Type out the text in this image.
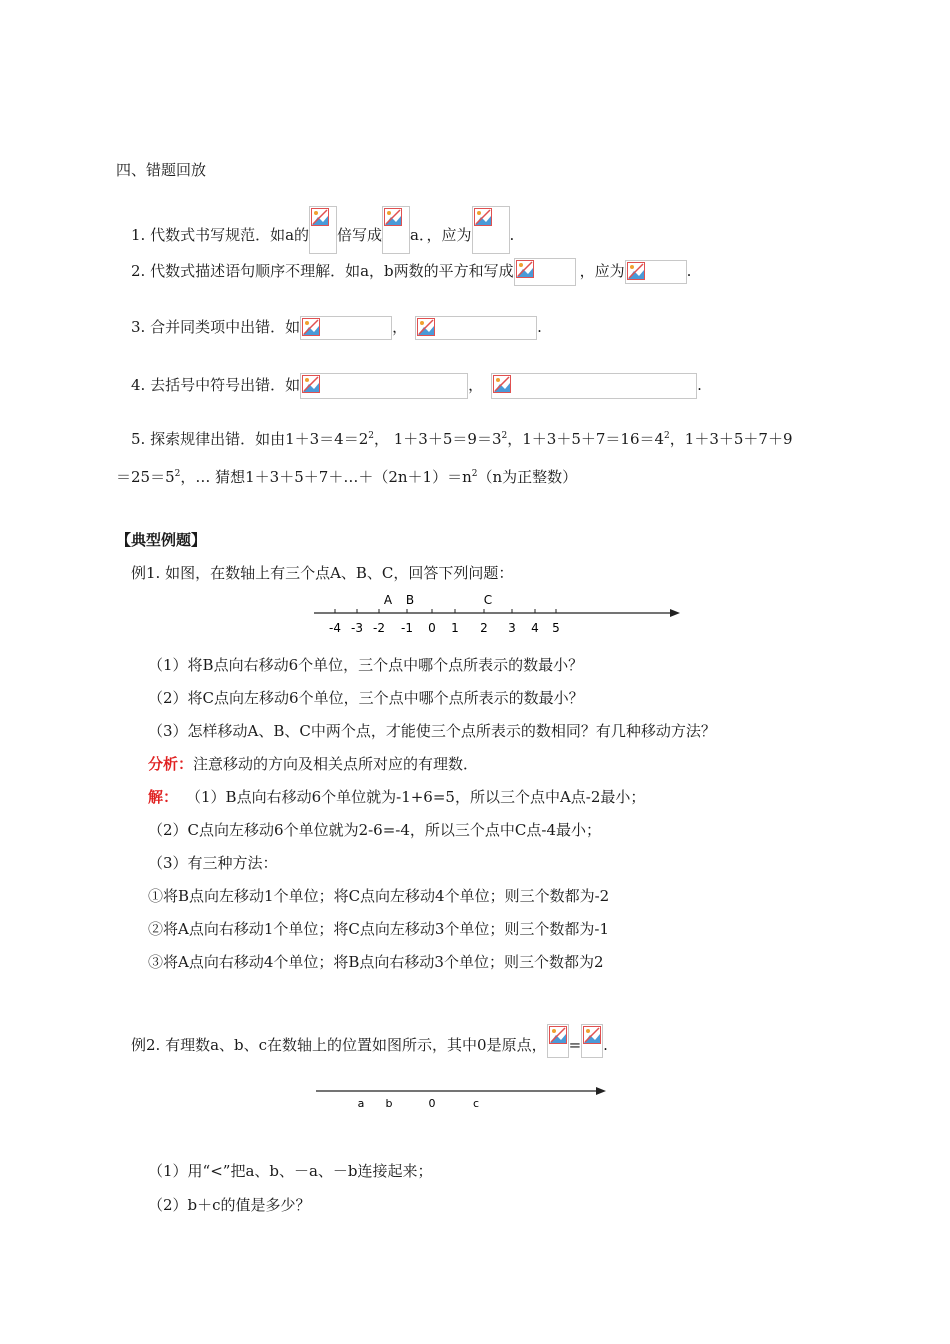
四、错题回放
1. 代数式书写规范．如a的 倍写成 a．，应为	.
2. 代数式描述语句顺序不理解．如a，b两数的平方和写成	，应为	.
3. 合并同类项中出错．如	，	.
4. 去括号中符号出错．如	，	.
5. 探索规律出错．如由$1+3=4=2^2$， $1+3+5=9=3^2$，$1+3+5+7=16=4^2$，1＋3＋5＋7＋9
$=25=5^2$，… 猜想$1+3+5+7+\dots+(2n+1)=n^2(n$为正整数）
【典型例题】
例1. 如图，在数轴上有三个点A、B、C，回答下列问题：
-4 -3 -2 -1 0 1 2 3 4 5
A B	C
（1）将B点向右移动6个单位，三个点中哪个点所表示的数最小？
（2）将C点向左移动6个单位，三个点中哪个点所表示的数最小？
（3）怎样移动A、B、C中两个点，才能使三个点所表示的数相同？有几种移动方法？
分析：注意移动的方向及相关点所对应的有理数．
解： （1）B点向右移动6个单位就为-1+6=5，所以三个点中A点-2最小；
（2）C点向左移动6个单位就为2-6=-4，所以三个点中C点-4最小；
（3）有三种方法：
①将B点向左移动1个单位；将C点向左移动4个单位；则三个数都为-2
②将A点向右移动1个单位；将C点向左移动3个单位；则三个数都为-1
③将A点向右移动4个单位；将B点向右移动3个单位；则三个数都为2
例2. 有理数a、b、c在数轴上的位置如图所示，其中0是原点， = .
a b	0	c
（1）用“<”把a、b、－a、－b连接起来；
（2）b＋c的值是多少？
